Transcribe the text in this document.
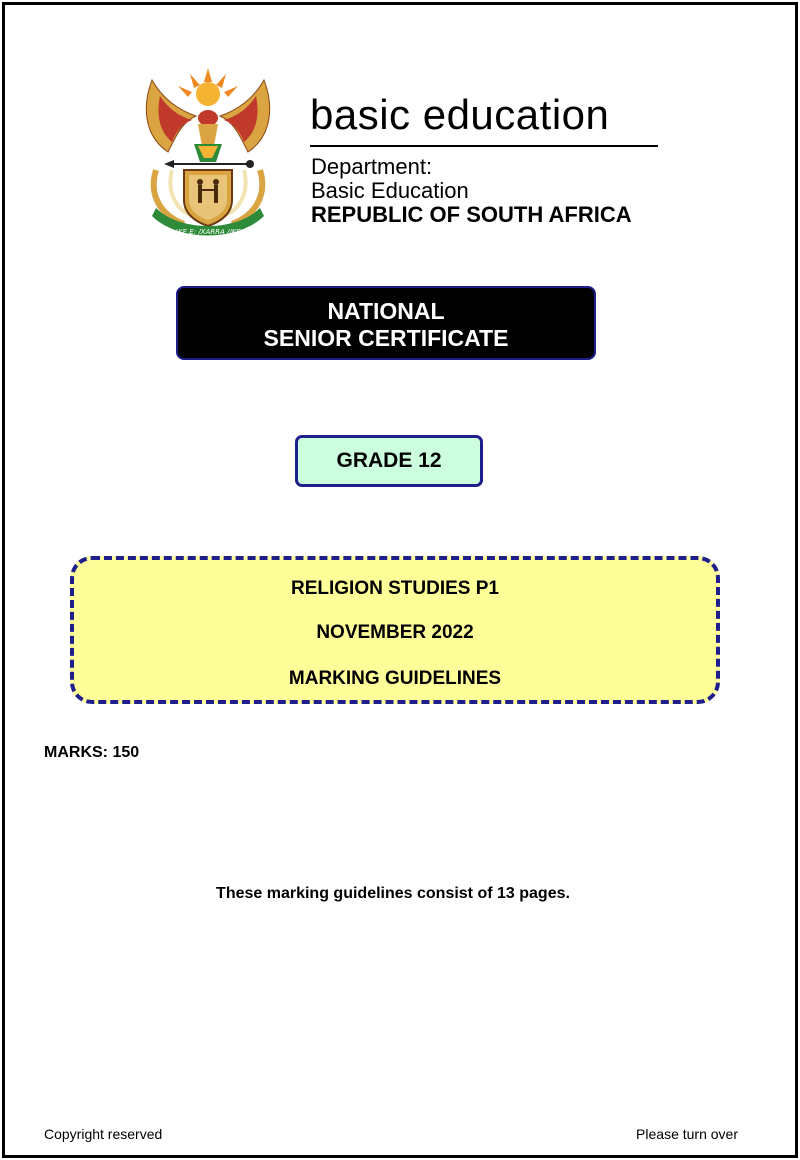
!KE E: /XARRA //KE
basic education
Department:
Basic Education
REPUBLIC OF SOUTH AFRICA
NATIONAL
SENIOR CERTIFICATE
GRADE 12
RELIGION STUDIES P1
NOVEMBER 2022
MARKING GUIDELINES
MARKS: 150
These marking guidelines consist of 13 pages.
Copyright reserved	Please turn over
